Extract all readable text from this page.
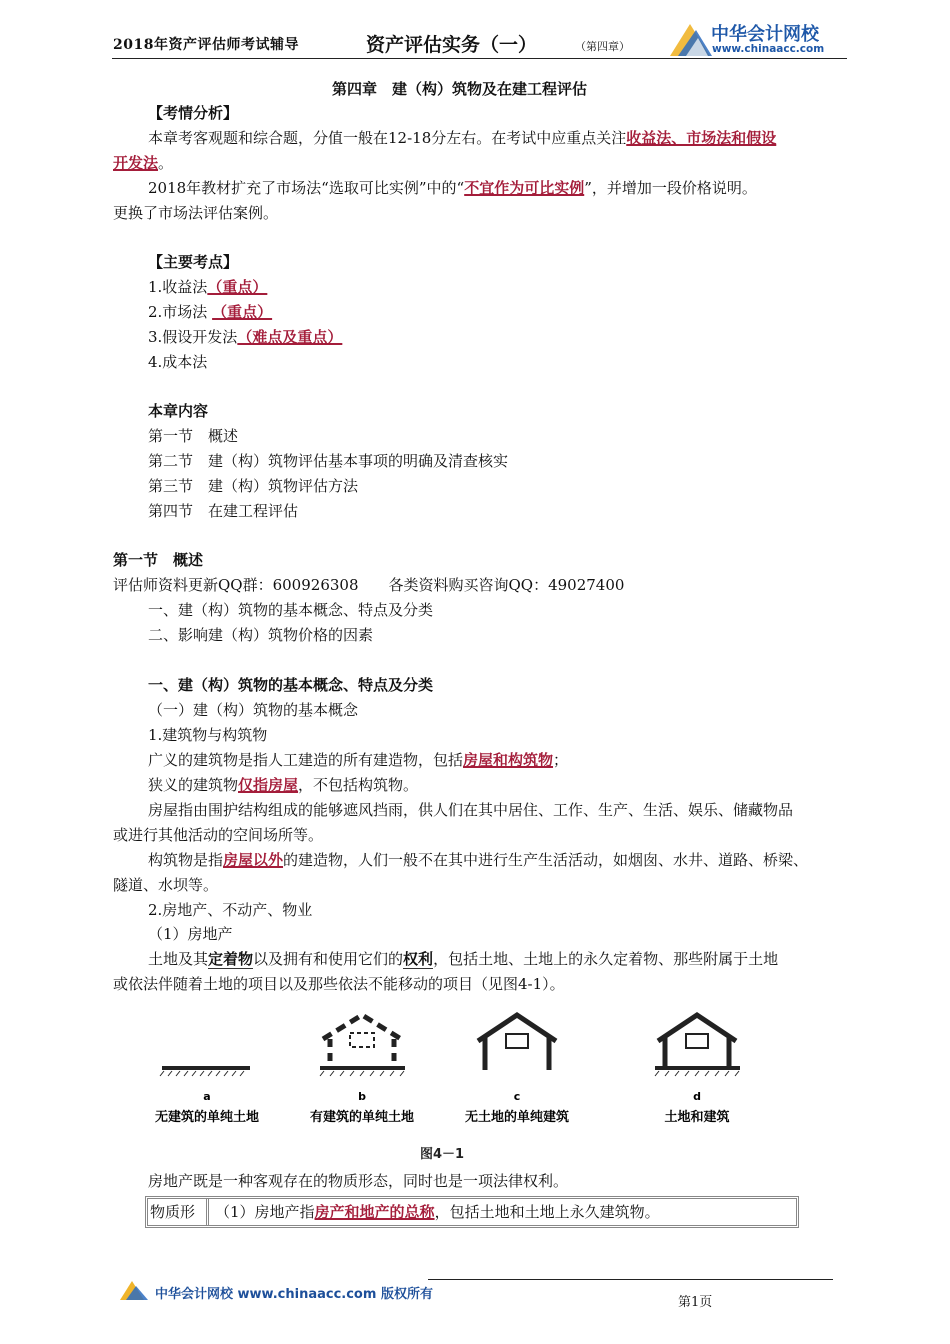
2018年资产评估师考试辅导	资产评估实务（一）	（第四章）
中华会计网校
www.chinaacc.com
第四章　建（构）筑物及在建工程评估
【考情分析】
本章考客观题和综合题，分值一般在12-18分左右。在考试中应重点关注收益法、市场法和假设
开发法。
2018年教材扩充了市场法“选取可比实例”中的“不宜作为可比实例”，并增加一段价格说明。
更换了市场法评估案例。
【主要考点】
1.收益法（重点）
2.市场法 （重点）
3.假设开发法（难点及重点）
4.成本法
本章内容
第一节　概述
第二节　建（构）筑物评估基本事项的明确及清查核实
第三节　建（构）筑物评估方法
第四节　在建工程评估
第一节　概述
评估师资料更新QQ群：600926308　　各类资料购买咨询QQ：49027400
一、建（构）筑物的基本概念、特点及分类
二、影响建（构）筑物价格的因素
一、建（构）筑物的基本概念、特点及分类
（一）建（构）筑物的基本概念
1.建筑物与构筑物
广义的建筑物是指人工建造的所有建造物，包括房屋和构筑物；
狭义的建筑物仅指房屋，不包括构筑物。
房屋指由围护结构组成的能够遮风挡雨，供人们在其中居住、工作、生产、生活、娱乐、储藏物品
或进行其他活动的空间场所等。
构筑物是指房屋以外的建造物，人们一般不在其中进行生产生活活动，如烟囱、水井、道路、桥梁、
隧道、水坝等。
2.房地产、不动产、物业
（1）房地产
土地及其定着物以及拥有和使用它们的权利，包括土地、土地上的永久定着物、那些附属于土地
或依法伴随着土地的项目以及那些依法不能移动的项目（见图4-1）。
a	b	c	d
无建筑的单纯土地	有建筑的单纯土地	无土地的单纯建筑	土地和建筑
图4－1
房地产既是一种客观存在的物质形态，同时也是一项法律权利。
物质形 （1）房地产指房产和地产的总称，包括土地和土地上永久建筑物。
中华会计网校 www.chinaacc.com 版权所有
第1页
